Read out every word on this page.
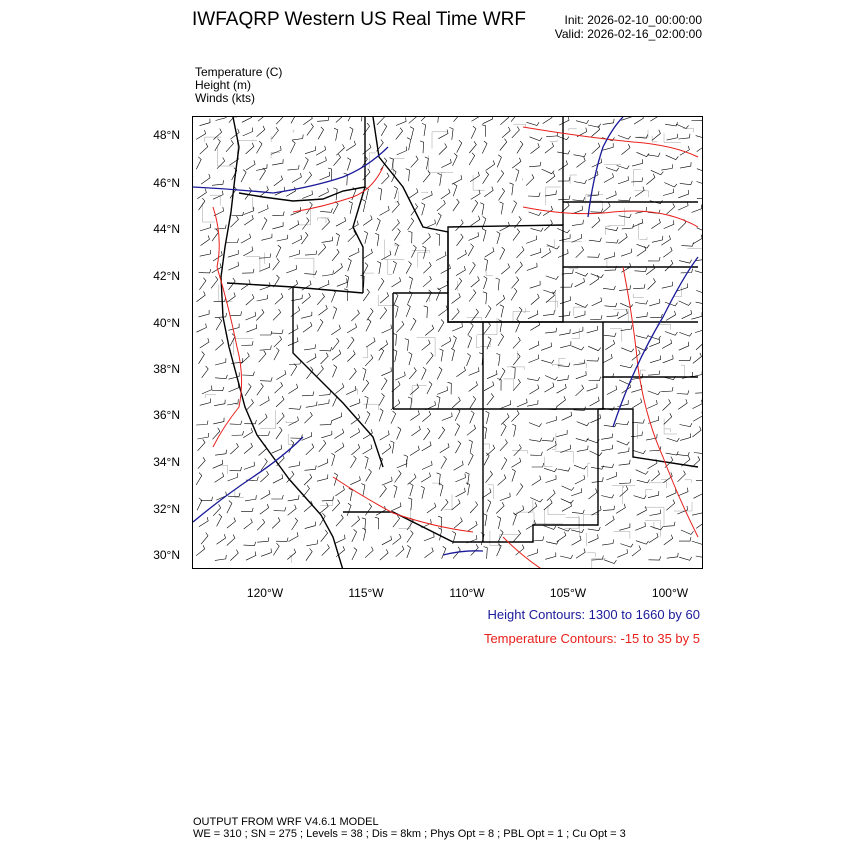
IWFAQRP Western US Real Time WRF	Init: 2026-02-10_00:00:00
Valid: 2026-02-16_02:00:00
Temperature (C)
Height (m)
Winds (kts)
48°N
46°N
44°N
42°N
40°N
38°N
36°N
34°N
32°N
30°N
120°W	115°W	110°W	105°W	100°W
Height Contours: 1300 to 1660 by 60
Temperature Contours: -15 to 35 by 5
OUTPUT FROM WRF V4.6.1 MODEL
WE = 310 ; SN = 275 ; Levels = 38 ; Dis = 8km ; Phys Opt = 8 ; PBL Opt = 1 ; Cu Opt = 3
